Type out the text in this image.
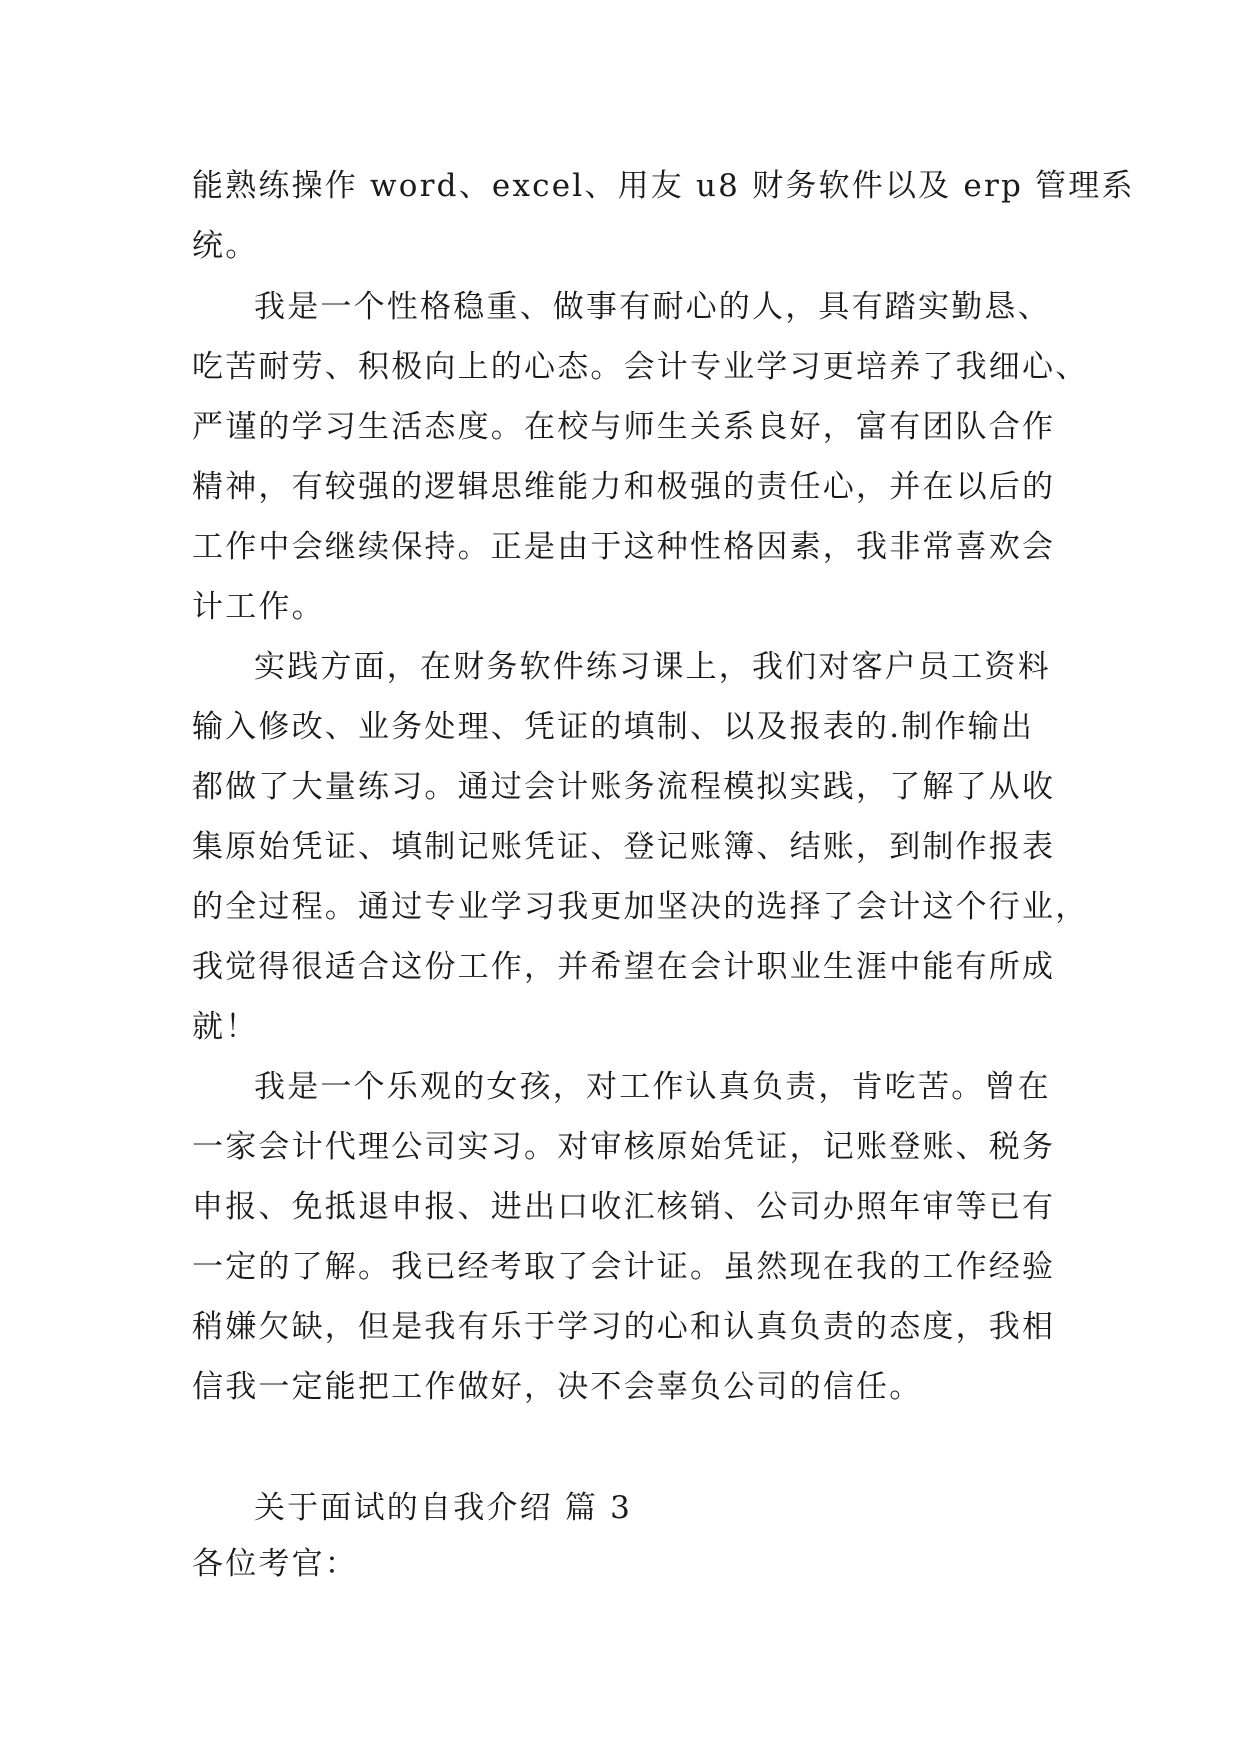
能熟练操作 word、excel、用友 u8 财务软件以及 erp 管理系
统。
我是一个性格稳重、做事有耐心的人，具有踏实勤恳、
吃苦耐劳、积极向上的心态。会计专业学习更培养了我细心、
严谨的学习生活态度。在校与师生关系良好，富有团队合作
精神，有较强的逻辑思维能力和极强的责任心，并在以后的
工作中会继续保持。正是由于这种性格因素，我非常喜欢会
计工作。
实践方面，在财务软件练习课上，我们对客户员工资料
输入修改、业务处理、凭证的填制、以及报表的.制作输出
都做了大量练习。通过会计账务流程模拟实践，了解了从收
集原始凭证、填制记账凭证、登记账簿、结账，到制作报表
的全过程。通过专业学习我更加坚决的选择了会计这个行业，
我觉得很适合这份工作，并希望在会计职业生涯中能有所成
就！
我是一个乐观的女孩，对工作认真负责，肯吃苦。曾在
一家会计代理公司实习。对审核原始凭证，记账登账、税务
申报、免抵退申报、进出口收汇核销、公司办照年审等已有
一定的了解。我已经考取了会计证。虽然现在我的工作经验
稍嫌欠缺，但是我有乐于学习的心和认真负责的态度，我相
信我一定能把工作做好，决不会辜负公司的信任。
关于面试的自我介绍 篇 3
各位考官：
